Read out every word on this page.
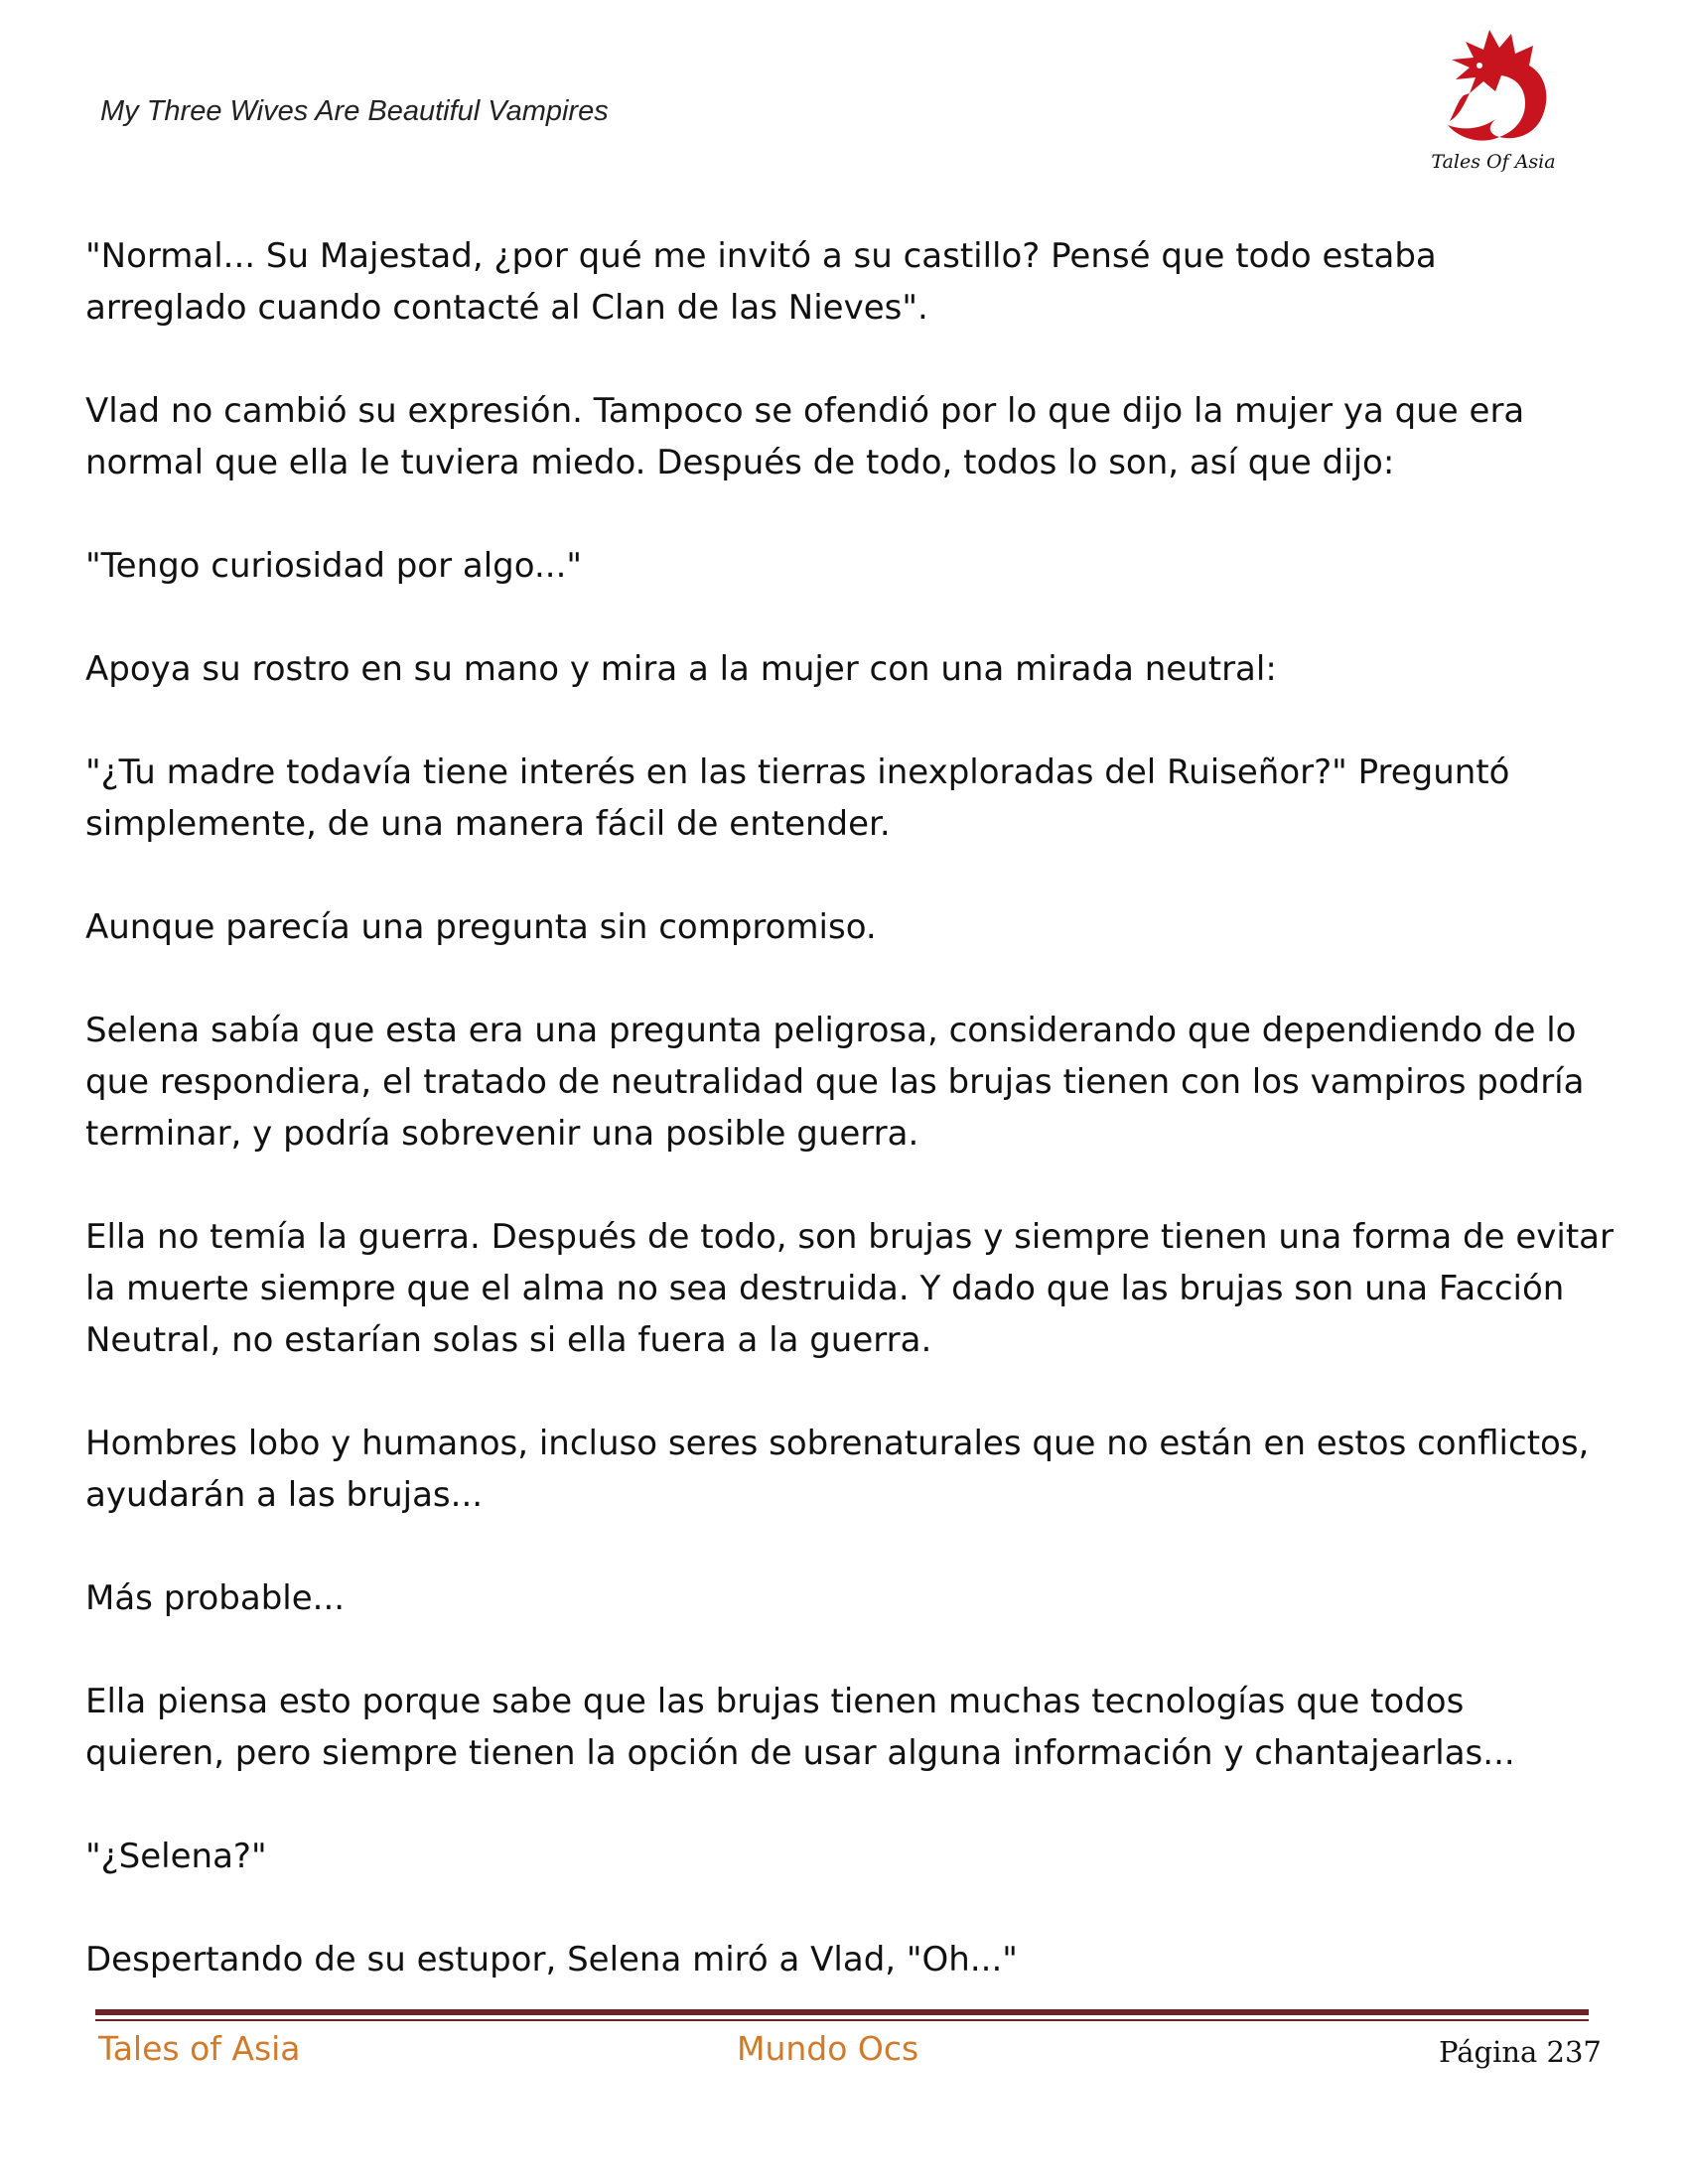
My Three Wives Are Beautiful Vampires
Tales Of Asia

"Normal... Su Majestad, ¿por qué me invitó a su castillo? Pensé que todo estaba
arreglado cuando contacté al Clan de las Nieves".

Vlad no cambió su expresión. Tampoco se ofendió por lo que dijo la mujer ya que era
normal que ella le tuviera miedo. Después de todo, todos lo son, así que dijo:

"Tengo curiosidad por algo..."

Apoya su rostro en su mano y mira a la mujer con una mirada neutral:

"¿Tu madre todavía tiene interés en las tierras inexploradas del Ruiseñor?" Preguntó
simplemente, de una manera fácil de entender.

Aunque parecía una pregunta sin compromiso.

Selena sabía que esta era una pregunta peligrosa, considerando que dependiendo de lo
que respondiera, el tratado de neutralidad que las brujas tienen con los vampiros podría
terminar, y podría sobrevenir una posible guerra.

Ella no temía la guerra. Después de todo, son brujas y siempre tienen una forma de evitar
la muerte siempre que el alma no sea destruida. Y dado que las brujas son una Facción
Neutral, no estarían solas si ella fuera a la guerra.

Hombres lobo y humanos, incluso seres sobrenaturales que no están en estos conflictos,
ayudarán a las brujas...

Más probable...

Ella piensa esto porque sabe que las brujas tienen muchas tecnologías que todos
quieren, pero siempre tienen la opción de usar alguna información y chantajearlas...

"¿Selena?"

Despertando de su estupor, Selena miró a Vlad, "Oh..."

Tales of Asia	Mundo Ocs	Página 237
